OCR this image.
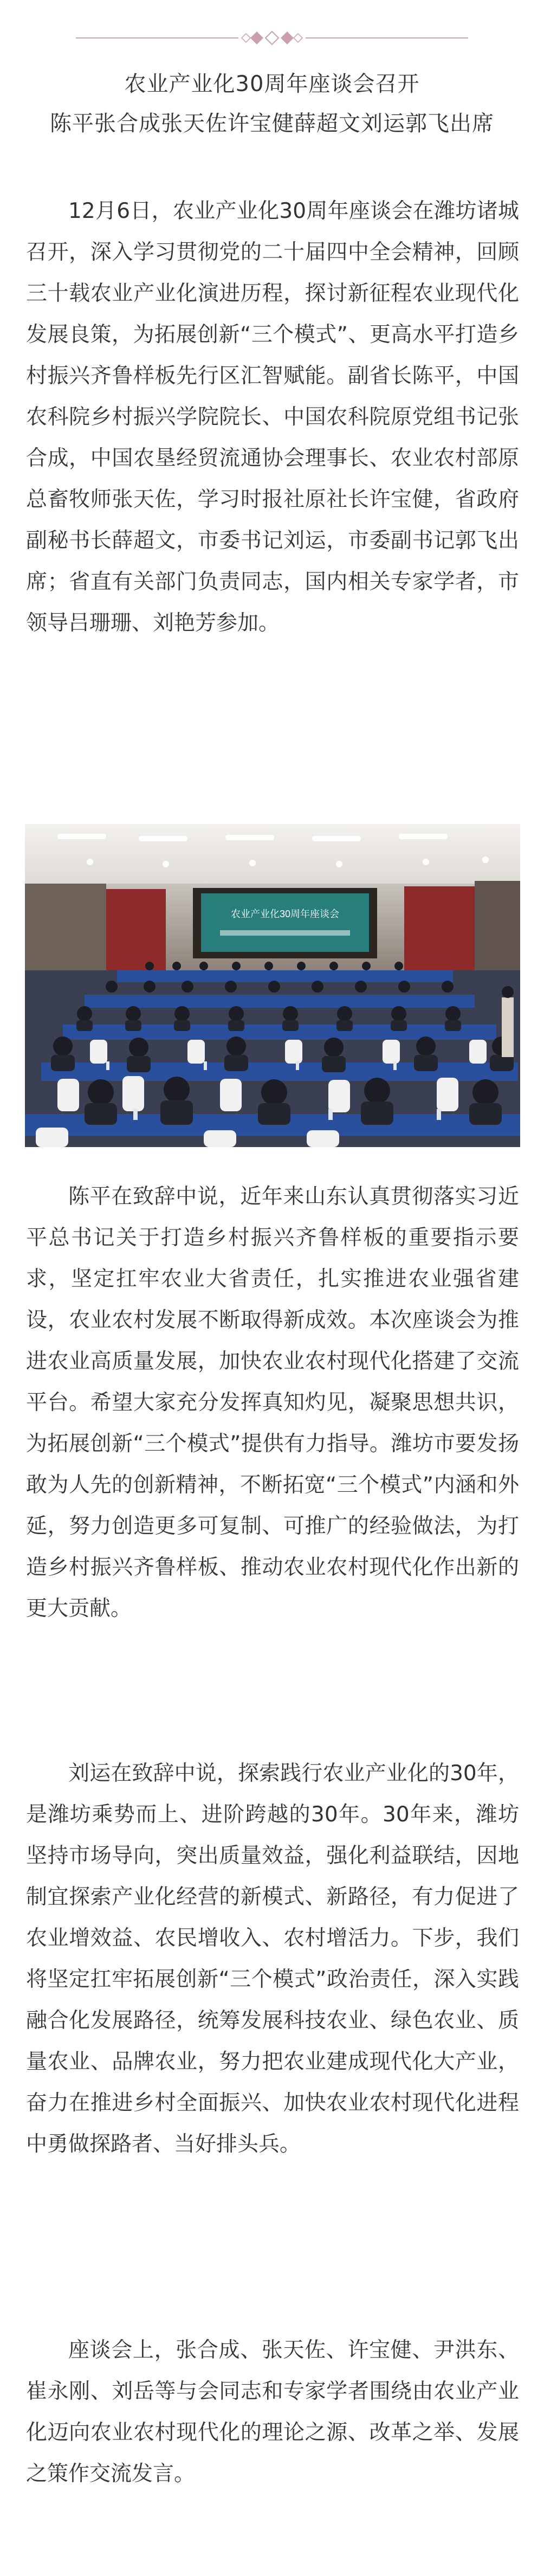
农业产业化30周年座谈会召开
陈平张合成张天佐许宝健薛超文刘运郭飞出席

12月6日，农业产业化30周年座谈会在潍坊诸城召开，深入学习贯彻党的二十届四中全会精神，回顾三十载农业产业化演进历程，探讨新征程农业现代化发展良策，为拓展创新“三个模式”、更高水平打造乡村振兴齐鲁样板先行区汇智赋能。副省长陈平，中国农科院乡村振兴学院院长、中国农科院原党组书记张合成，中国农垦经贸流通协会理事长、农业农村部原总畜牧师张天佐，学习时报社原社长许宝健，省政府副秘书长薛超文，市委书记刘运，市委副书记郭飞出席；省直有关部门负责同志，国内相关专家学者，市领导吕珊珊、刘艳芳参加。

农业产业化30周年座谈会

陈平在致辞中说，近年来山东认真贯彻落实习近平总书记关于打造乡村振兴齐鲁样板的重要指示要求，坚定扛牢农业大省责任，扎实推进农业强省建设，农业农村发展不断取得新成效。本次座谈会为推进农业高质量发展，加快农业农村现代化搭建了交流平台。希望大家充分发挥真知灼见，凝聚思想共识，为拓展创新“三个模式”提供有力指导。潍坊市要发扬敢为人先的创新精神，不断拓宽“三个模式”内涵和外延，努力创造更多可复制、可推广的经验做法，为打造乡村振兴齐鲁样板、推动农业农村现代化作出新的更大贡献。

刘运在致辞中说，探索践行农业产业化的30年，是潍坊乘势而上、进阶跨越的30年。30年来，潍坊坚持市场导向，突出质量效益，强化利益联结，因地制宜探索产业化经营的新模式、新路径，有力促进了农业增效益、农民增收入、农村增活力。下步，我们将坚定扛牢拓展创新“三个模式”政治责任，深入实践融合化发展路径，统筹发展科技农业、绿色农业、质量农业、品牌农业，努力把农业建成现代化大产业，奋力在推进乡村全面振兴、加快农业农村现代化进程中勇做探路者、当好排头兵。

座谈会上，张合成、张天佐、许宝健、尹洪东、崔永刚、刘岳等与会同志和专家学者围绕由农业产业化迈向农业农村现代化的理论之源、改革之举、发展之策作交流发言。
